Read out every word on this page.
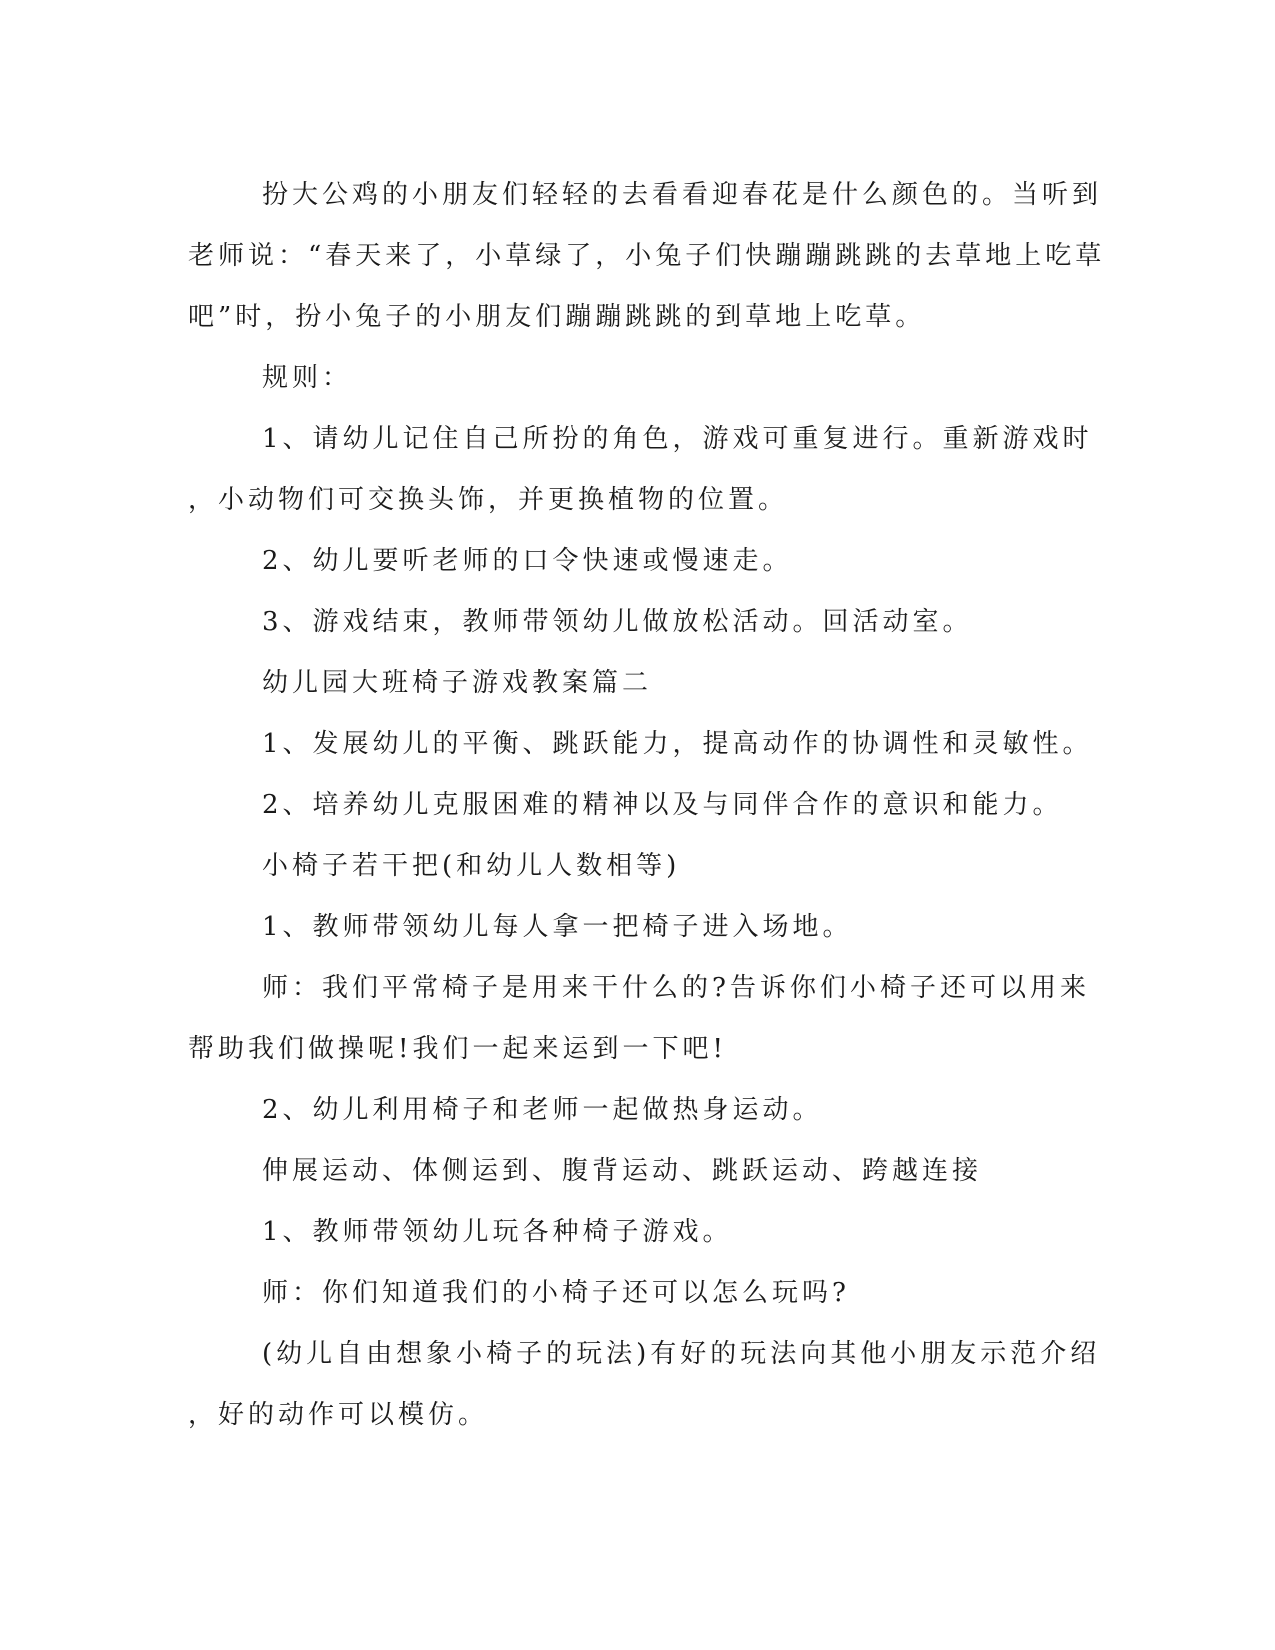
扮大公鸡的小朋友们轻轻的去看看迎春花是什么颜色的。当听到
老师说：“春天来了，小草绿了，小兔子们快蹦蹦跳跳的去草地上吃草
吧”时，扮小兔子的小朋友们蹦蹦跳跳的到草地上吃草。

规则：

1、请幼儿记住自己所扮的角色，游戏可重复进行。重新游戏时
，小动物们可交换头饰，并更换植物的位置。

2、幼儿要听老师的口令快速或慢速走。

3、游戏结束，教师带领幼儿做放松活动。回活动室。

幼儿园大班椅子游戏教案篇二

1、发展幼儿的平衡、跳跃能力，提高动作的协调性和灵敏性。

2、培养幼儿克服困难的精神以及与同伴合作的意识和能力。

小椅子若干把(和幼儿人数相等)

1、教师带领幼儿每人拿一把椅子进入场地。

师：我们平常椅子是用来干什么的?告诉你们小椅子还可以用来
帮助我们做操呢!我们一起来运到一下吧!

2、幼儿利用椅子和老师一起做热身运动。

伸展运动、体侧运到、腹背运动、跳跃运动、跨越连接

1、教师带领幼儿玩各种椅子游戏。

师：你们知道我们的小椅子还可以怎么玩吗?

(幼儿自由想象小椅子的玩法)有好的玩法向其他小朋友示范介绍
，好的动作可以模仿。
